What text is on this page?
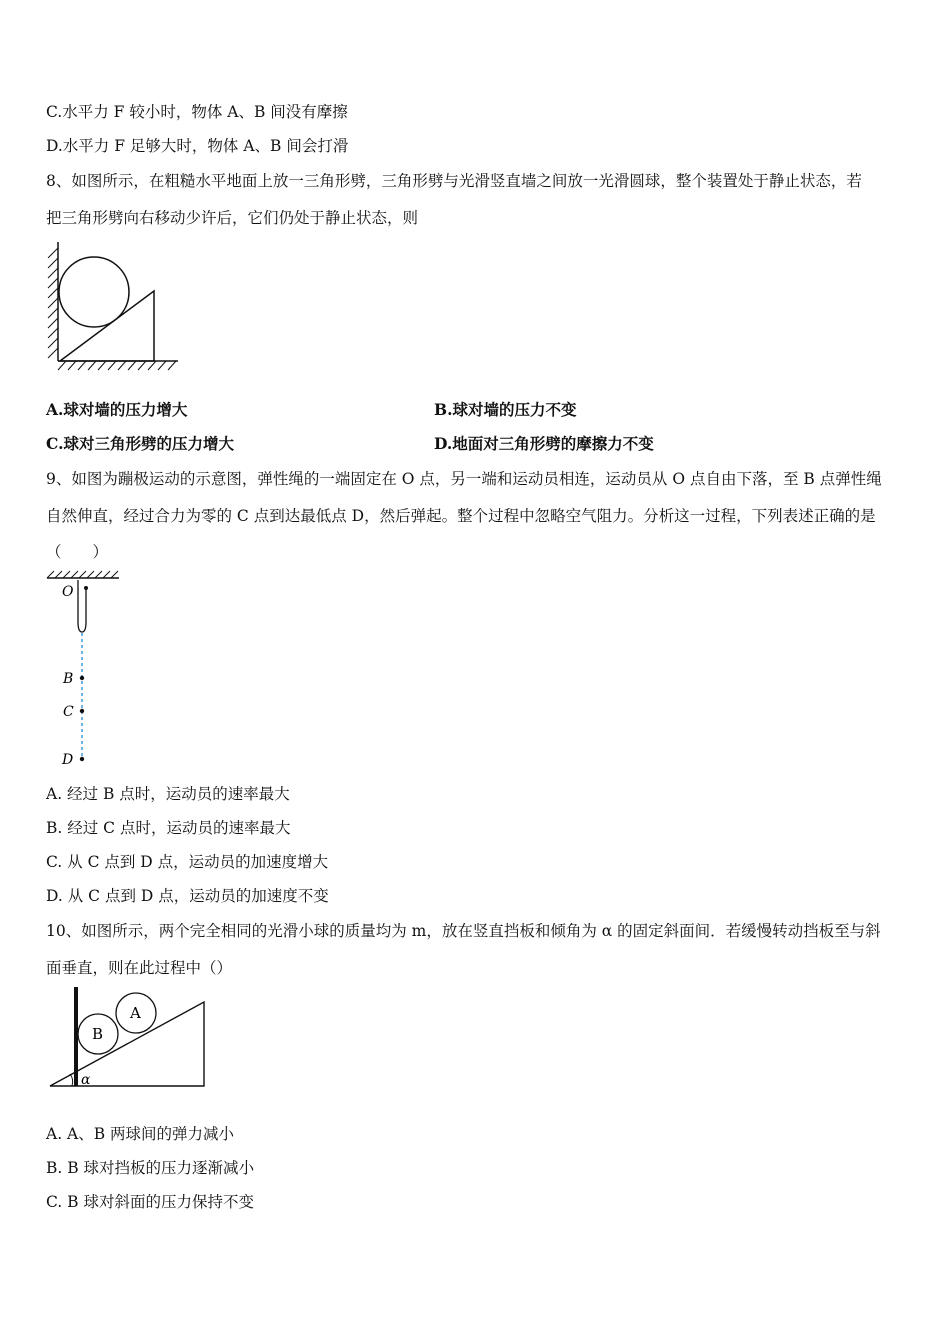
C.水平力 F 较小时，物体 A、B 间没有摩擦
D.水平力 F 足够大时，物体 A、B 间会打滑
8、如图所示，在粗糙水平地面上放一三角形劈，三角形劈与光滑竖直墙之间放一光滑圆球，整个装置处于静止状态，若
把三角形劈向右移动少许后，它们仍处于静止状态，则
A.球对墙的压力增大	B.球对墙的压力不变
C.球对三角形劈的压力增大	D.地面对三角形劈的摩擦力不变
9、如图为蹦极运动的示意图，弹性绳的一端固定在 O 点，另一端和运动员相连，运动员从 O 点自由下落，至 B 点弹性绳
自然伸直，经过合力为零的 C 点到达最低点 D，然后弹起。整个过程中忽略空气阻力。分析这一过程，下列表述正确的是
（　　）
O
B
C
D
A. 经过 B 点时，运动员的速率最大
B. 经过 C 点时，运动员的速率最大
C. 从 C 点到 D 点，运动员的加速度增大
D. 从 C 点到 D 点，运动员的加速度不变
10、如图所示，两个完全相同的光滑小球的质量均为 m，放在竖直挡板和倾角为 α 的固定斜面间．若缓慢转动挡板至与斜
面垂直，则在此过程中（）
B
A
α
A. A、B 两球间的弹力减小
B. B 球对挡板的压力逐渐减小
C. B 球对斜面的压力保持不变
